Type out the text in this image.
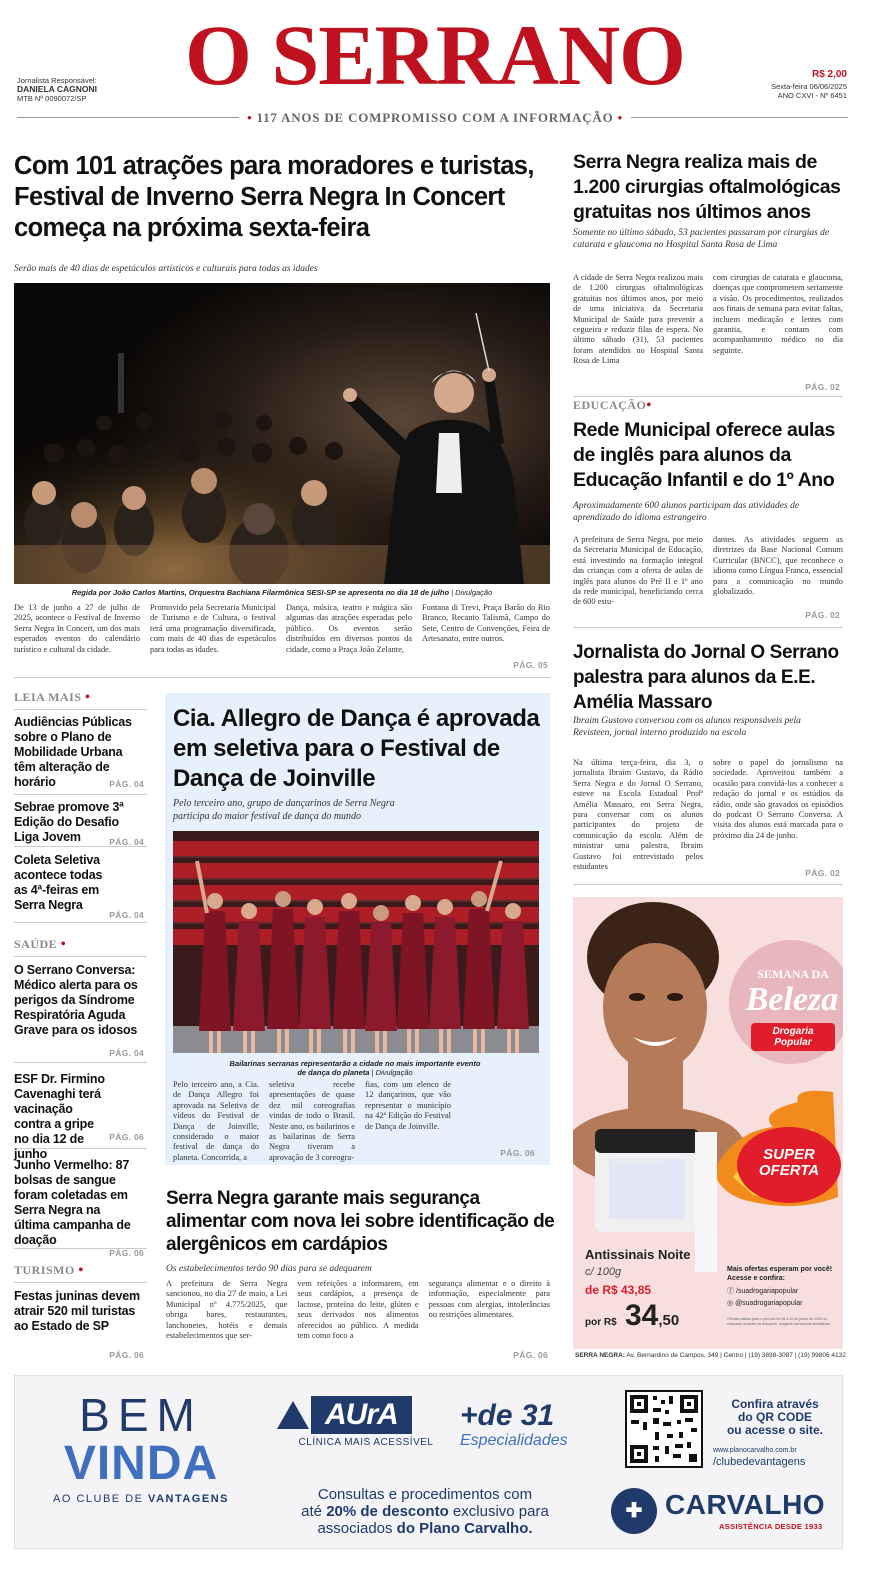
Jornalista Responsável:
DANIELA CAGNONI
MTB Nº 0090072/SP	O SERRANO	R$ 2,00
Sexta-feira 06/06/2025
ANO CXVI - Nº 6451
• 117 ANOS DE COMPROMISSO COM A INFORMAÇÃO •
Com 101 atrações para moradores e turistas, Festival de Inverno Serra Negra In Concert começa na próxima sexta-feira
Serão mais de 40 dias de espetáculos artísticos e culturais para todas as idades
Regida por João Carlos Martins, Orquestra Bachiana Filarmônica SESI-SP se apresenta no dia 18 de julho | Divulgação
De 13 de junho a 27 de julho de 2025, acontece o Festival de Inverno Serra Negra In Concert, um dos mais esperados eventos do calendário turístico e cultural da cidade.
Promovido pela Secretaria Municipal de Turismo e de Cultura, o festival terá uma programação diversificada, com mais de 40 dias de espetáculos para todas as idades.
Dança, música, teatro e mágica são algumas das atrações esperadas pelo público. Os eventos serão distribuídos em diversos pontos da cidade, como a Praça João Zelante,
Fontana di Trevi, Praça Barão do Rio Branco, Recanto Talismã, Campo do Sete, Centro de Convenções, Feira de Artesanato, entre outros.
PÁG. 05
LEIA MAIS •
Audiências Públicas sobre o Plano de Mobilidade Urbana têm alteração de horário	PÁG. 04
Sebrae promove 3ª Edição do Desafio Liga Jovem	PÁG. 04
Coleta Seletiva acontece todas as 4ª-feiras em Serra Negra
PÁG. 04
SAÚDE •
O Serrano Conversa: Médico alerta para os perigos da Síndrome Respiratória Aguda Grave para os idosos
PÁG. 04
ESF Dr. Firmino Cavenaghi terá vacinação contra a gripe no dia 12 de junho
PÁG. 06
Junho Vermelho: 87 bolsas de sangue foram coletadas em Serra Negra na última campanha de doação
PÁG. 06
TURISMO •
Festas juninas devem atrair 520 mil turistas ao Estado de SP
PÁG. 06
Cia. Allegro de Dança é aprovada em seletiva para o Festival de Dança de Joinville
Pelo terceiro ano, grupo de dançarinos de Serra Negra participa do maior festival de dança do mundo
Bailarinas serranas representarão a cidade no mais importante evento de dança do planeta | Divulgação
Pelo terceiro ano, a Cia. de Dança Allegro foi aprovada na Seletiva de vídeos do Festival de Dança de Joinville, considerado o maior festival de dança do planeta. Concorrida, a
seletiva recebe apresentações de quase dez mil coreografias vindas de todo o Brasil. Neste ano, os bailarinos e as bailarinas de Serra Negra tiveram a aprovação de 3 coreogra-
fias, com um elenco de 12 dançarinos, que vão representar o município na 42ª Edição do Festival de Dança de Joinville.
PÁG. 06
Serra Negra garante mais segurança alimentar com nova lei sobre identificação de alergênicos em cardápios
Os estabelecimentos terão 90 dias para se adequarem
A prefeitura de Serra Negra sancionou, no dia 27 de maio, a Lei Municipal nº 4.775/2025, que obriga bares, restaurantes, lanchonetes, hotéis e demais estabelecimentos que ser-
vem refeições a informarem, em seus cardápios, a presença de lactose, proteína do leite, glúten e seus derivados nos alimentos oferecidos ao público. A medida tem como foco a
segurança alimentar e o direito à informação, especialmente para pessoas com alergias, intolerâncias ou restrições alimentares.
PÁG. 06
Serra Negra realiza mais de 1.200 cirurgias oftalmológicas gratuitas nos últimos anos
Somente no último sábado, 53 pacientes passaram por cirurgias de catarata e glaucoma no Hospital Santa Rosa de Lima
A cidade de Serra Negra realizou mais de 1.200 cirurgias oftalmológicas gratuitas nos últimos anos, por meio de uma iniciativa da Secretaria Municipal de Saúde para prevenir a cegueira e reduzir filas de espera. No último sábado (31), 53 pacientes foram atendidos no Hospital Santa Rosa de Lima
com cirurgias de catarata e glaucoma, doenças que comprometem seriamente a visão. Os procedimentos, realizados aos finais de semana para evitar faltas, incluem medicação e lentes com garantia, e contam com acompanhamento médico no dia seguinte.
PÁG. 02
EDUCAÇÃO•
Rede Municipal oferece aulas de inglês para alunos da Educação Infantil e do 1º Ano
Aproximadamente 600 alunos participam das atividades de aprendizado do idioma estrangeiro
A prefeitura de Serra Negra, por meio da Secretaria Municipal de Educação, está investindo na formação integral das crianças com a oferta de aulas de inglês para alunos do Pré II e 1º ano da rede municipal, beneficiando cerca de 600 estu-
dantes. As atividades seguem as diretrizes da Base Nacional Comum Curricular (BNCC), que reconhece o idioma como Língua Franca, essencial para a comunicação no mundo globalizado.
PÁG. 02
Jornalista do Jornal O Serrano palestra para alunos da E.E. Amélia Massaro
Ibraim Gustovo conversou com os alunos responsáveis pela Revisteen, jornal interno produzido na escola
Na última terça-feira, dia 3, o jornalista Ibraim Gustavo, da Rádio Serra Negra e do Jornal O Serrano, esteve na Escola Estadual Profª Amélia Massaro, em Serra Negra, para conversar com os alunos participantes do projeto de comunicação da escola. Além de ministrar uma palestra, Ibraim Gustavo foi entrevistado pelos estudantes
sobre o papel do jornalismo na sociedade. Aproveitou também a ocasião para convidá-los a conhecer a redação do jornal e os estúdios da rádio, onde são gravados os episódios do podcast O Serrano Conversa. A visita dos alunos está marcada para o próximo dia 24 de junho.
PÁG. 02
SEMANA DA
Beleza
Drogaria
Popular
Neutrogena	SUPER
OFERTA
Antissinais Noite
c/ 100g
de R$ 43,85
por R$ 34,50
Mais ofertas esperam por você!
Acesse e confira:
ⓕ /suadrogariapopular
◎ @suadrogariapopular
Ofertas válidas para o período de 06 a 30 de junho de 2025 ou enquanto durarem os estoques. Imagens meramente ilustrativas.
SERRA NEGRA: Av. Bernardino de Campos, 349 | Centro | (19) 3898-3087 | (19) 99806 4132
BEM
VINDA
AO CLUBE DE VANTAGENS
AUrA
CLÍNICA MAIS ACESSÍVEL
+de 31
Especialidades
Consultas e procedimentos com
até 20% de desconto exclusivo para
associados do Plano Carvalho.
Confira através
do QR CODE
ou acesse o site.
www.planocarvalho.com.br
/clubedevantagens
✚ CARVALHO
ASSISTÊNCIA DESDE 1933
